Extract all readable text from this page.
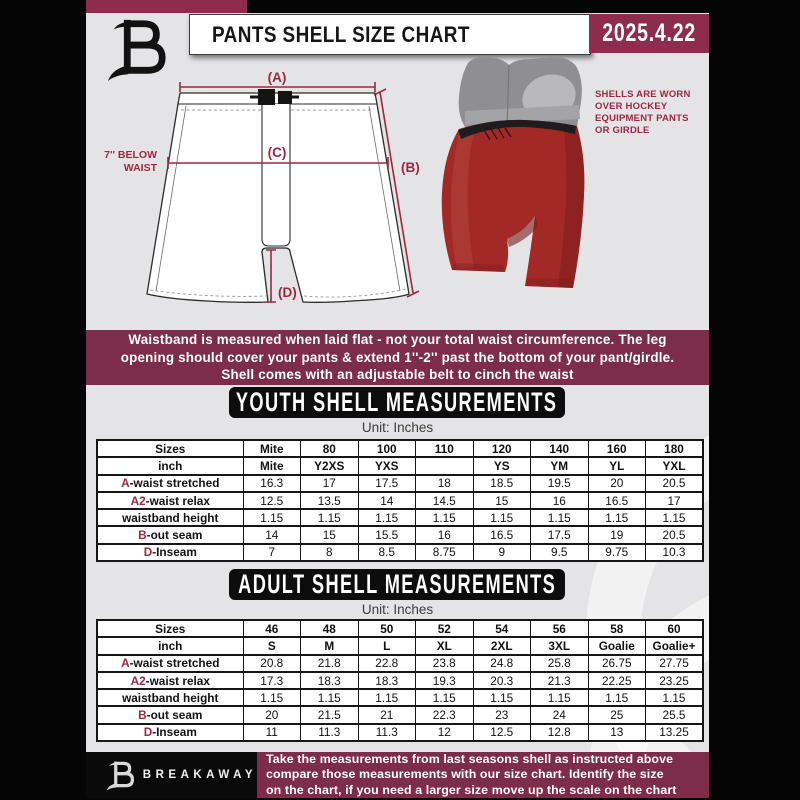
PANTS SHELL SIZE CHART	2025.4.22
(A)
(B)
(C)
(D)
7'' BELOW
WAIST
SHELLS ARE WORN
OVER HOCKEY
EQUIPMENT PANTS
OR GIRDLE
Waistband is measured when laid flat - not your total waist circumference. The leg
opening should cover your pants & extend 1''-2'' past the bottom of your pant/girdle.
Shell comes with an adjustable belt to cinch the waist
YOUTH SHELL MEASUREMENTS
Unit: Inches
Sizes	Mite	80	100	110	120	140	160	180
inch	Mite	Y2XS	YXS		YS	YM	YL	YXL
A-waist stretched	16.3	17	17.5	18	18.5	19.5	20	20.5
A2-waist relax	12.5	13.5	14	14.5	15	16	16.5	17
waistband height	1.15	1.15	1.15	1.15	1.15	1.15	1.15	1.15
B-out seam	14	15	15.5	16	16.5	17.5	19	20.5
D-Inseam	7	8	8.5	8.75	9	9.5	9.75	10.3
ADULT SHELL MEASUREMENTS
Unit: Inches
Sizes	46	48	50	52	54	56	58	60
inch	S	M	L	XL	2XL	3XL	Goalie	Goalie+
A-waist stretched	20.8	21.8	22.8	23.8	24.8	25.8	26.75	27.75
A2-waist relax	17.3	18.3	18.3	19.3	20.3	21.3	22.25	23.25
waistband height	1.15	1.15	1.15	1.15	1.15	1.15	1.15	1.15
B-out seam	20	21.5	21	22.3	23	24	25	25.5
D-Inseam	11	11.3	11.3	12	12.5	12.8	13	13.25
BREAKAWAY
Take the measurements from last seasons shell as instructed above
compare those measurements with our size chart. Identify the size
on the chart, if you need a larger size move up the scale on the chart
